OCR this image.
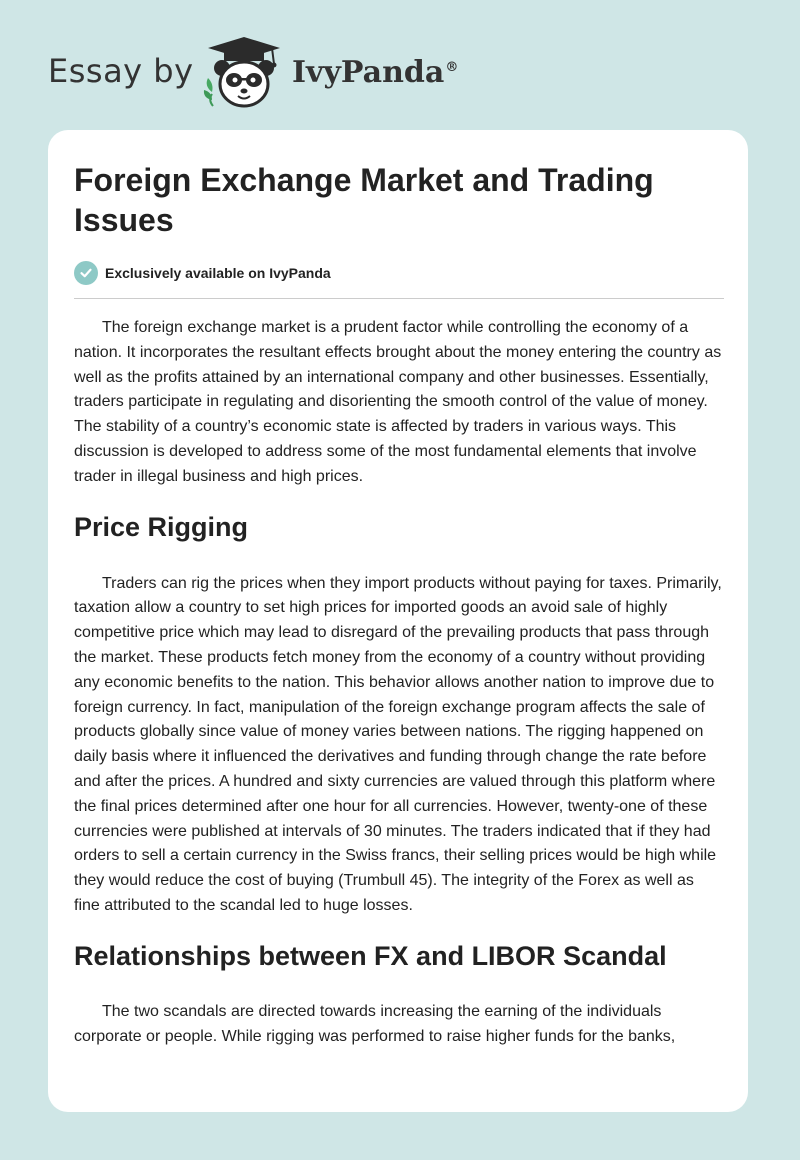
Essay by	IvyPanda®
Foreign Exchange Market and Trading Issues
Exclusively available on IvyPanda

The foreign exchange market is a prudent factor while controlling the economy of a nation. It incorporates the resultant effects brought about the money entering the country as well as the profits attained by an international company and other businesses. Essentially, traders participate in regulating and disorienting the smooth control of the value of money. The stability of a country’s economic state is affected by traders in various ways. This discussion is developed to address some of the most fundamental elements that involve trader in illegal business and high prices.

Price Rigging

Traders can rig the prices when they import products without paying for taxes. Primarily, taxation allow a country to set high prices for imported goods an avoid sale of highly competitive price which may lead to disregard of the prevailing products that pass through the market. These products fetch money from the economy of a country without providing any economic benefits to the nation. This behavior allows another nation to improve due to foreign currency. In fact, manipulation of the foreign exchange program affects the sale of products globally since value of money varies between nations. The rigging happened on daily basis where it influenced the derivatives and funding through change the rate before and after the prices. A hundred and sixty currencies are valued through this platform where the final prices determined after one hour for all currencies. However, twenty-one of these currencies were published at intervals of 30 minutes. The traders indicated that if they had orders to sell a certain currency in the Swiss francs, their selling prices would be high while they would reduce the cost of buying (Trumbull 45). The integrity of the Forex as well as fine attributed to the scandal led to huge losses.

Relationships between FX and LIBOR Scandal

The two scandals are directed towards increasing the earning of the individuals corporate or people. While rigging was performed to raise higher funds for the banks,
